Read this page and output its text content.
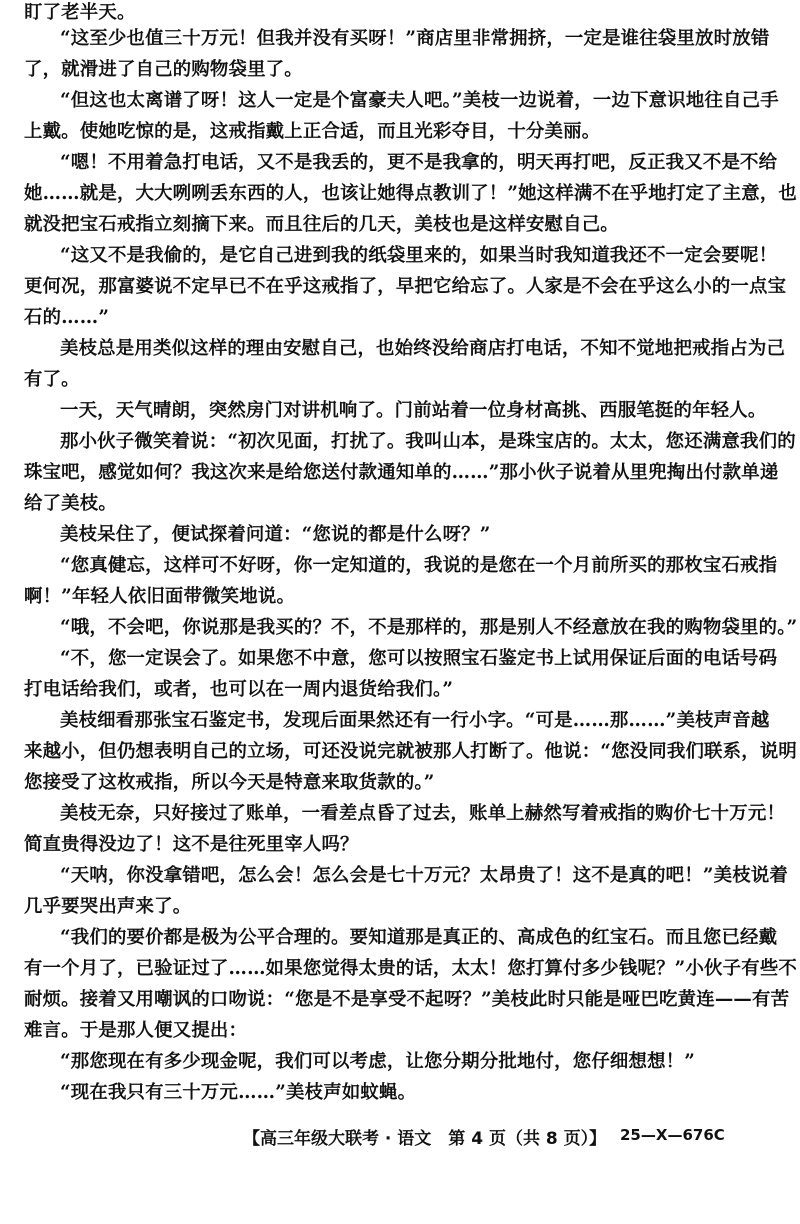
盯了老半天。
“这至少也值三十万元！但我并没有买呀！”商店里非常拥挤，一定是谁往袋里放时放错
了，就滑进了自己的购物袋里了。
“但这也太离谱了呀！这人一定是个富豪夫人吧。”美枝一边说着，一边下意识地往自己手
上戴。使她吃惊的是，这戒指戴上正合适，而且光彩夺目，十分美丽。
“嗯！不用着急打电话，又不是我丢的，更不是我拿的，明天再打吧，反正我又不是不给
她……就是，大大咧咧丢东西的人，也该让她得点教训了！”她这样满不在乎地打定了主意，也
就没把宝石戒指立刻摘下来。而且往后的几天，美枝也是这样安慰自己。
“这又不是我偷的，是它自己进到我的纸袋里来的，如果当时我知道我还不一定会要呢！
更何况，那富婆说不定早已不在乎这戒指了，早把它给忘了。人家是不会在乎这么小的一点宝
石的……”
美枝总是用类似这样的理由安慰自己，也始终没给商店打电话，不知不觉地把戒指占为己
有了。
一天，天气晴朗，突然房门对讲机响了。门前站着一位身材高挑、西服笔挺的年轻人。
那小伙子微笑着说：“初次见面，打扰了。我叫山本，是珠宝店的。太太，您还满意我们的
珠宝吧，感觉如何？我这次来是给您送付款通知单的……”那小伙子说着从里兜掏出付款单递
给了美枝。
美枝呆住了，便试探着问道：“您说的都是什么呀？”
“您真健忘，这样可不好呀，你一定知道的，我说的是您在一个月前所买的那枚宝石戒指
啊！”年轻人依旧面带微笑地说。
“哦，不会吧，你说那是我买的？不，不是那样的，那是别人不经意放在我的购物袋里的。”
“不，您一定误会了。如果您不中意，您可以按照宝石鉴定书上试用保证后面的电话号码
打电话给我们，或者，也可以在一周内退货给我们。”
美枝细看那张宝石鉴定书，发现后面果然还有一行小字。“可是……那……”美枝声音越
来越小，但仍想表明自己的立场，可还没说完就被那人打断了。他说：“您没同我们联系，说明
您接受了这枚戒指，所以今天是特意来取货款的。”
美枝无奈，只好接过了账单，一看差点昏了过去，账单上赫然写着戒指的购价七十万元！
简直贵得没边了！这不是往死里宰人吗？
“天呐，你没拿错吧，怎么会！怎么会是七十万元？太昂贵了！这不是真的吧！”美枝说着
几乎要哭出声来了。
“我们的要价都是极为公平合理的。要知道那是真正的、高成色的红宝石。而且您已经戴
有一个月了，已验证过了……如果您觉得太贵的话，太太！您打算付多少钱呢？”小伙子有些不
耐烦。接着又用嘲讽的口吻说：“您是不是享受不起呀？”美枝此时只能是哑巴吃黄连——有苦
难言。于是那人便又提出：
“那您现在有多少现金呢，我们可以考虑，让您分期分批地付，您仔细想想！”
“现在我只有三十万元……”美枝声如蚊蝇。
【高三年级大联考 · 语文　第 4 页（共 8 页）】 25—X—676C
